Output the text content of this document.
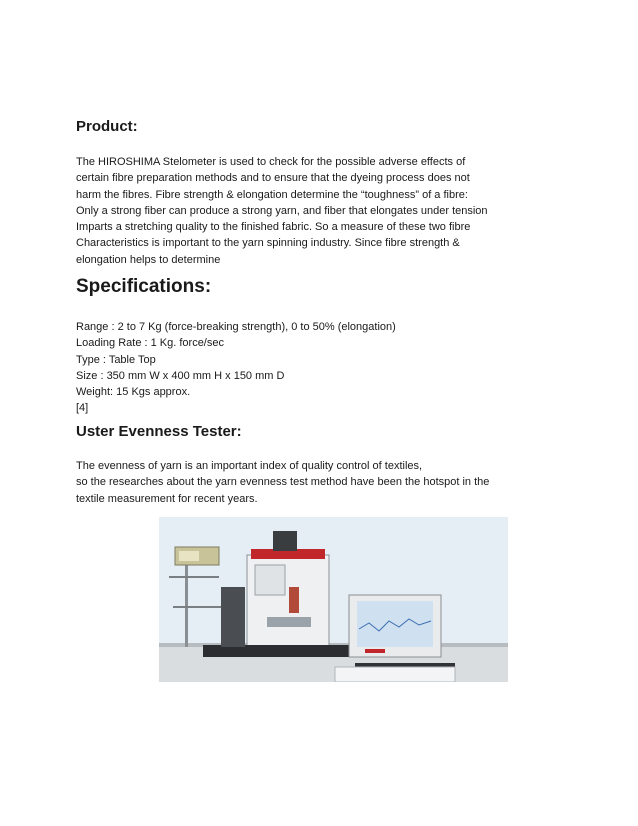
Product:

The HIROSHIMA Stelometer is used to check for the possible adverse effects of
certain fibre preparation methods and to ensure that the dyeing process does not
harm the fibres. Fibre strength & elongation determine the “toughness” of a fibre:
Only a strong fiber can produce a strong yarn, and fiber that elongates under tension
Imparts a stretching quality to the finished fabric. So a measure of these two fibre
Characteristics is important to the yarn spinning industry. Since fibre strength &
elongation helps to determine

Specifications:

Range : 2 to 7 Kg (force-breaking strength), 0 to 50% (elongation)
Loading Rate : 1 Kg. force/sec
Type : Table Top
Size : 350 mm W x 400 mm H x 150 mm D
Weight: 15 Kgs approx.
[4]

Uster Evenness Tester:

The evenness of yarn is an important index of quality control of textiles,
so the researches about the yarn evenness test method have been the hotspot in the
textile measurement for recent years.
